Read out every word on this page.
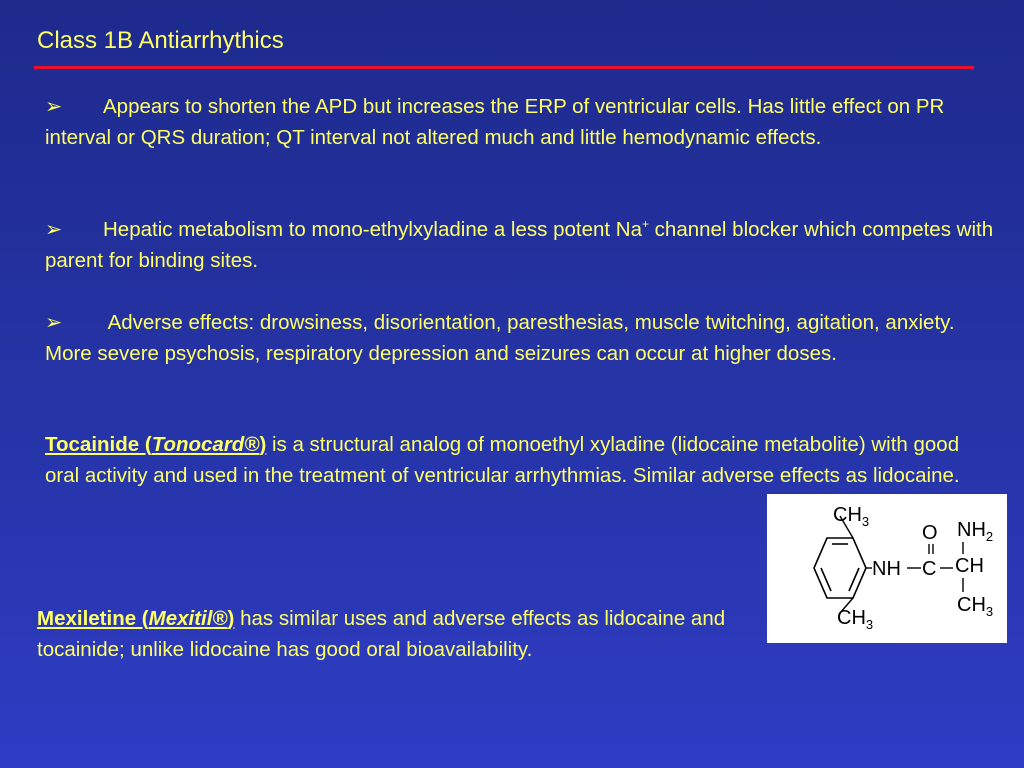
Class 1B Antiarrhythics
➢ Appears to shorten the APD but increases the ERP of ventricular cells. Has little effect on PR interval or QRS duration; QT interval not altered much and little hemodynamic effects.
➢ Hepatic metabolism to mono-ethylxyladine a less potent Na+ channel blocker which competes with parent for binding sites.
➢ Adverse effects: drowsiness, disorientation, paresthesias, muscle twitching, agitation, anxiety. More severe psychosis, respiratory depression and seizures can occur at higher doses.
Tocainide (Tonocard®) is a structural analog of monoethyl xyladine (lidocaine metabolite) with good oral activity and used in the treatment of ventricular arrhythmias. Similar adverse effects as lidocaine.
Mexiletine (Mexitil®) has similar uses and adverse effects as lidocaine and tocainide; unlike lidocaine has good oral bioavailability.
$CH_3$
NH
O
C
$NH_2$
CH
$CH_3$
$CH_3$
